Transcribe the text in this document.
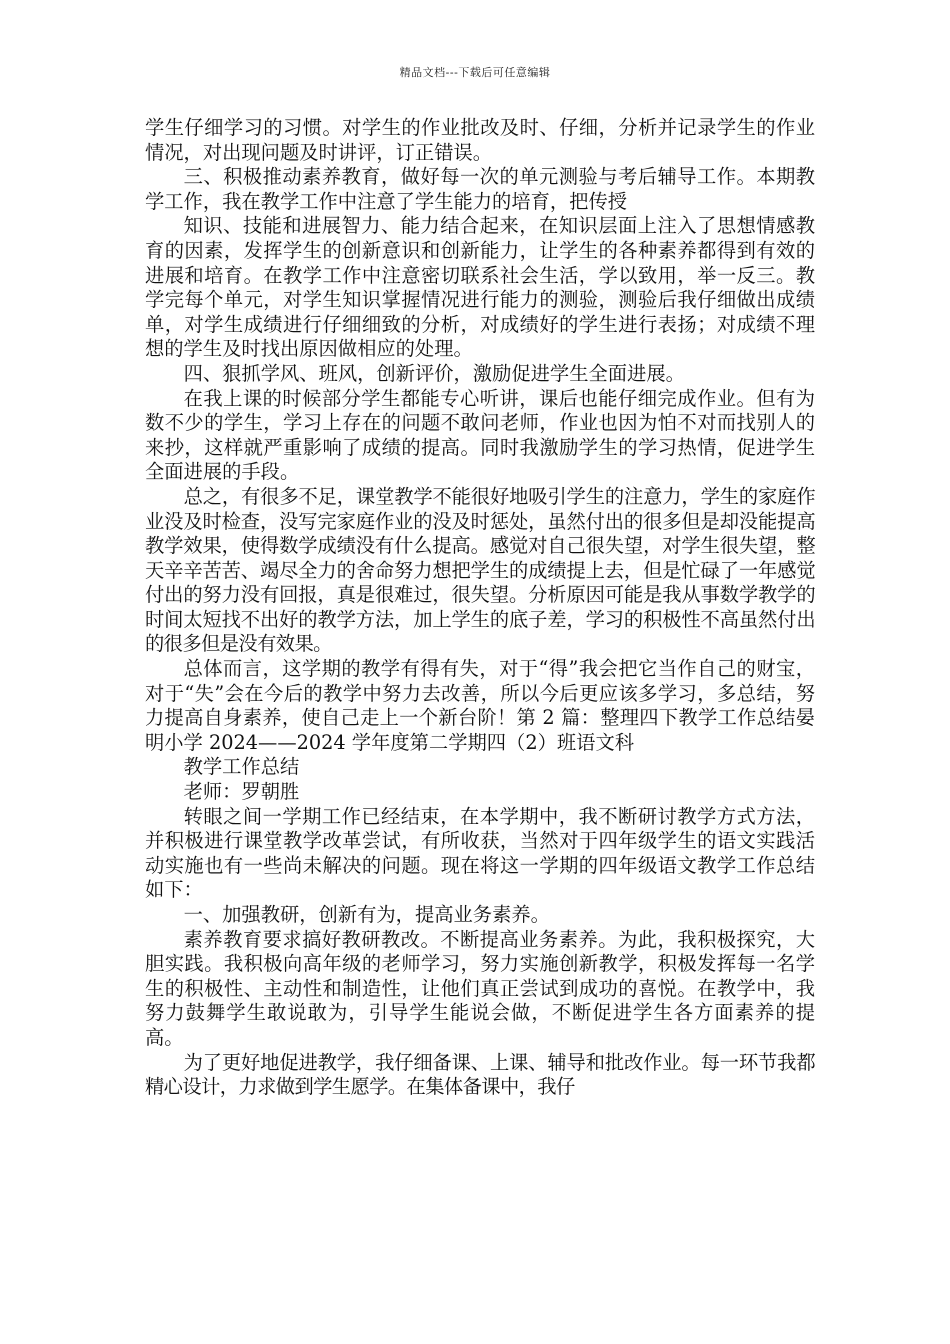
精品文档---下载后可任意编辑

学生仔细学习的习惯。对学生的作业批改及时、仔细，分析并记录学生的作业情况，对出现问题及时讲评，订正错误。

三、积极推动素养教育，做好每一次的单元测验与考后辅导工作。本期教学工作，我在教学工作中注意了学生能力的培育，把传授

知识、技能和进展智力、能力结合起来，在知识层面上注入了思想情感教育的因素，发挥学生的创新意识和创新能力，让学生的各种素养都得到有效的进展和培育。在教学工作中注意密切联系社会生活，学以致用，举一反三。教学完每个单元，对学生知识掌握情况进行能力的测验，测验后我仔细做出成绩单，对学生成绩进行仔细细致的分析，对成绩好的学生进行表扬；对成绩不理想的学生及时找出原因做相应的处理。

四、狠抓学风、班风，创新评价，激励促进学生全面进展。

在我上课的时候部分学生都能专心听讲，课后也能仔细完成作业。但有为数不少的学生，学习上存在的问题不敢问老师，作业也因为怕不对而找别人的来抄，这样就严重影响了成绩的提高。同时我激励学生的学习热情，促进学生全面进展的手段。

总之，有很多不足，课堂教学不能很好地吸引学生的注意力，学生的家庭作业没及时检查，没写完家庭作业的没及时惩处，虽然付出的很多但是却没能提高教学效果，使得数学成绩没有什么提高。感觉对自己很失望，对学生很失望，整天辛辛苦苦、竭尽全力的舍命努力想把学生的成绩提上去，但是忙碌了一年感觉付出的努力没有回报，真是很难过，很失望。分析原因可能是我从事数学教学的时间太短找不出好的教学方法，加上学生的底子差，学习的积极性不高虽然付出的很多但是没有效果。

总体而言，这学期的教学有得有失，对于“得”我会把它当作自己的财宝，对于“失”会在今后的教学中努力去改善，所以今后更应该多学习，多总结，努力提高自身素养，使自己走上一个新台阶！第 2 篇：整理四下教学工作总结晏明小学 2024——2024 学年度第二学期四（2）班语文科

教学工作总结

老师：罗朝胜

转眼之间一学期工作已经结束，在本学期中，我不断研讨教学方式方法，并积极进行课堂教学改革尝试，有所收获，当然对于四年级学生的语文实践活动实施也有一些尚未解决的问题。现在将这一学期的四年级语文教学工作总结如下：

一、加强教研，创新有为，提高业务素养。

素养教育要求搞好教研教改。不断提高业务素养。为此，我积极探究，大胆实践。我积极向高年级的老师学习，努力实施创新教学，积极发挥每一名学生的积极性、主动性和制造性，让他们真正尝试到成功的喜悦。在教学中，我努力鼓舞学生敢说敢为，引导学生能说会做，不断促进学生各方面素养的提高。

为了更好地促进教学，我仔细备课、上课、辅导和批改作业。每一环节我都精心设计，力求做到学生愿学。在集体备课中，我仔
